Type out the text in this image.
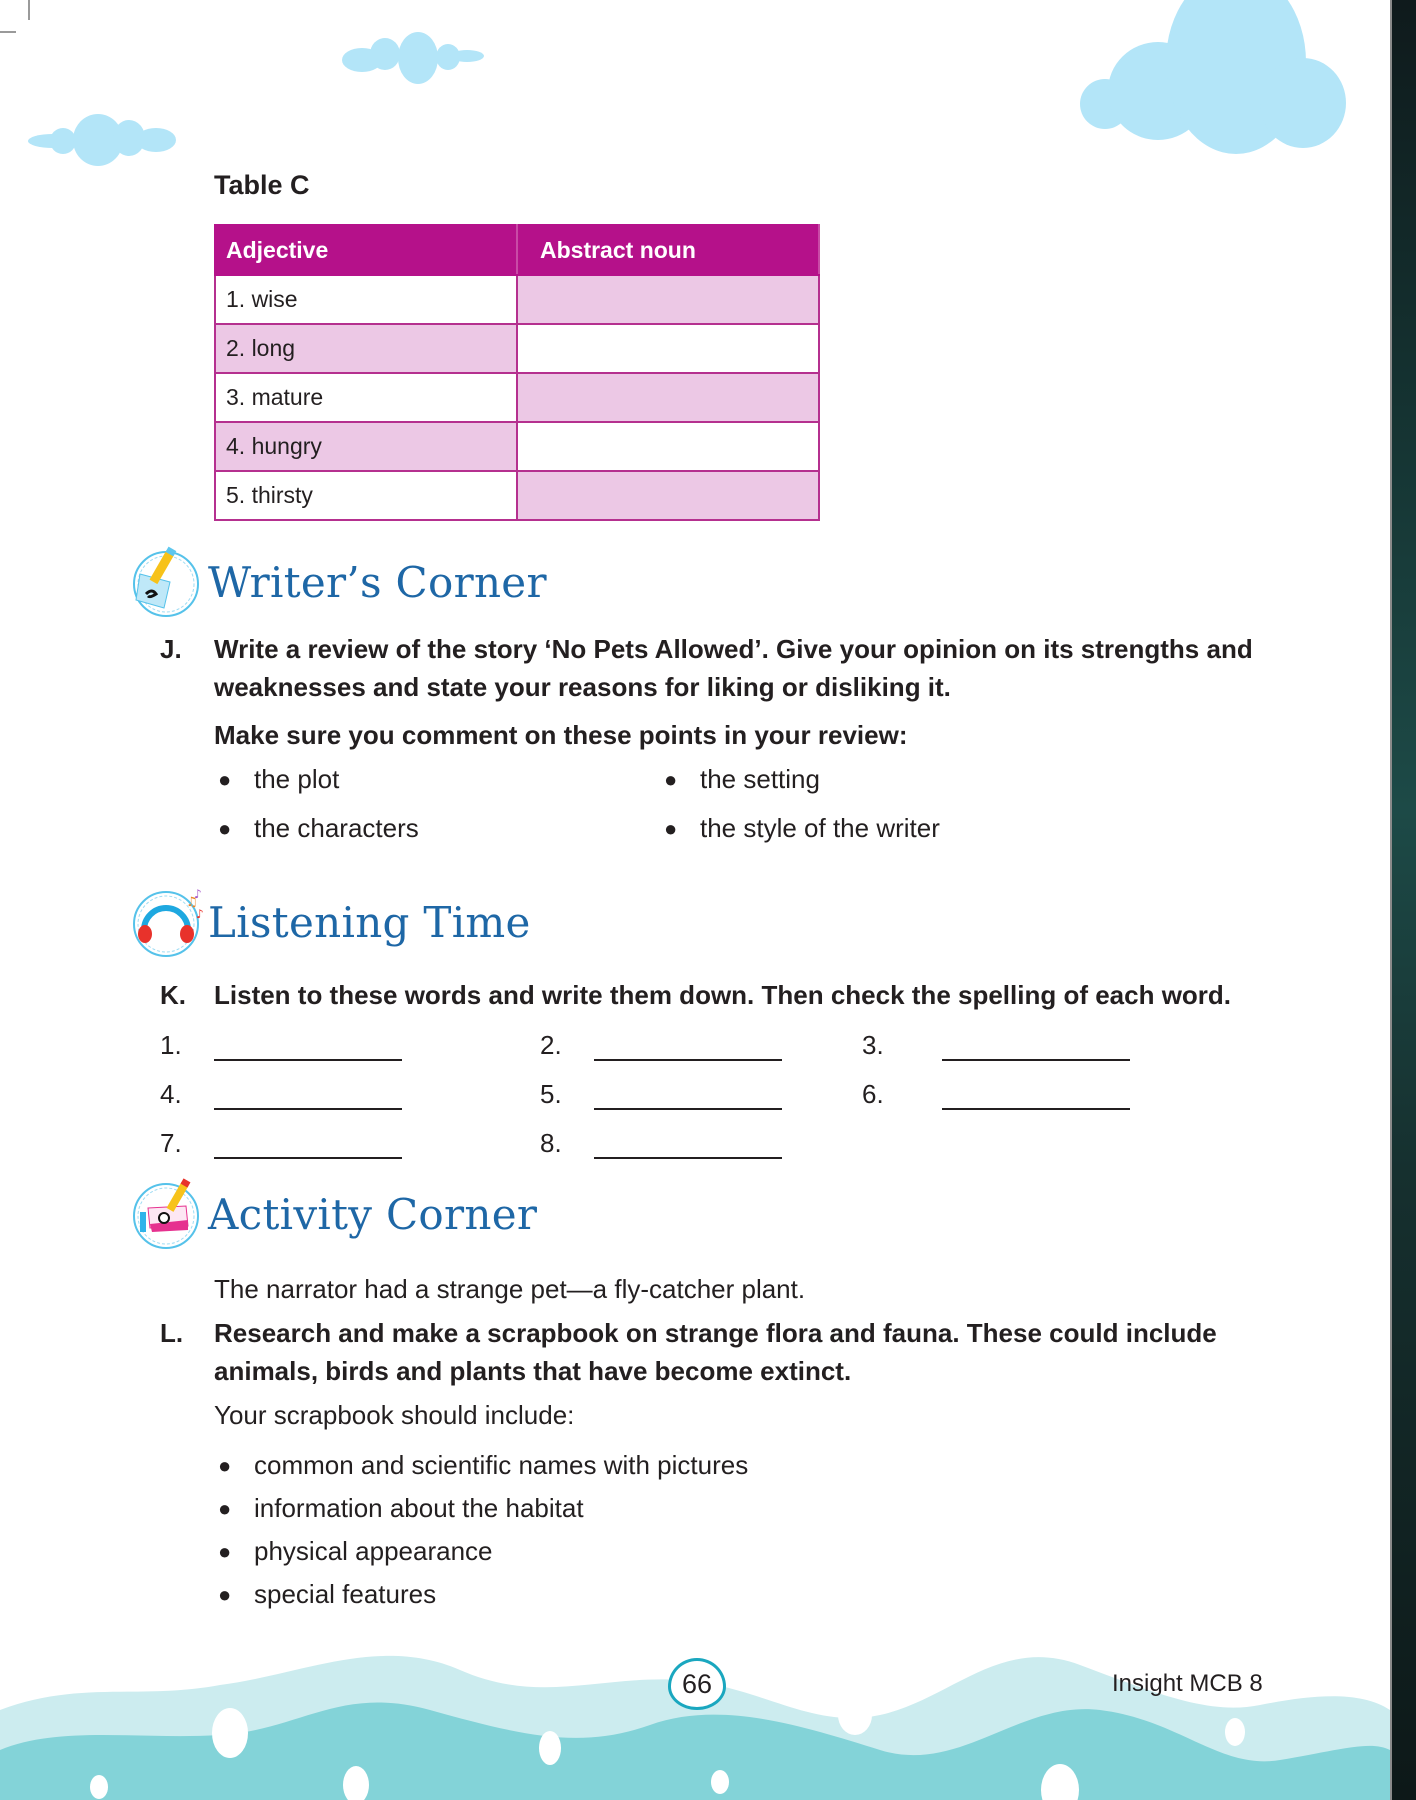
Table C
Adjective	Abstract noun
1. wise	
2. long	
3. mature	
4. hungry	
5. thirsty	
Writer’s Corner
J.	Write a review of the story ‘No Pets Allowed’. Give your opinion on its strengths and weaknesses and state your reasons for liking or disliking it.
Make sure you comment on these points in your review:
● the plot	● the setting
● the characters	● the style of the writer
♫
♪
♪ Listening Time
K.	Listen to these words and write them down. Then check the spelling of each word.
1.	2.	3.
4.	5.	6.
7.	8.
Activity Corner
The narrator had a strange pet—a fly-catcher plant.
L.	Research and make a scrapbook on strange flora and fauna. These could include animals, birds and plants that have become extinct.
Your scrapbook should include:
● common and scientific names with pictures
● information about the habitat
● physical appearance
● special features
66	Insight MCB 8
